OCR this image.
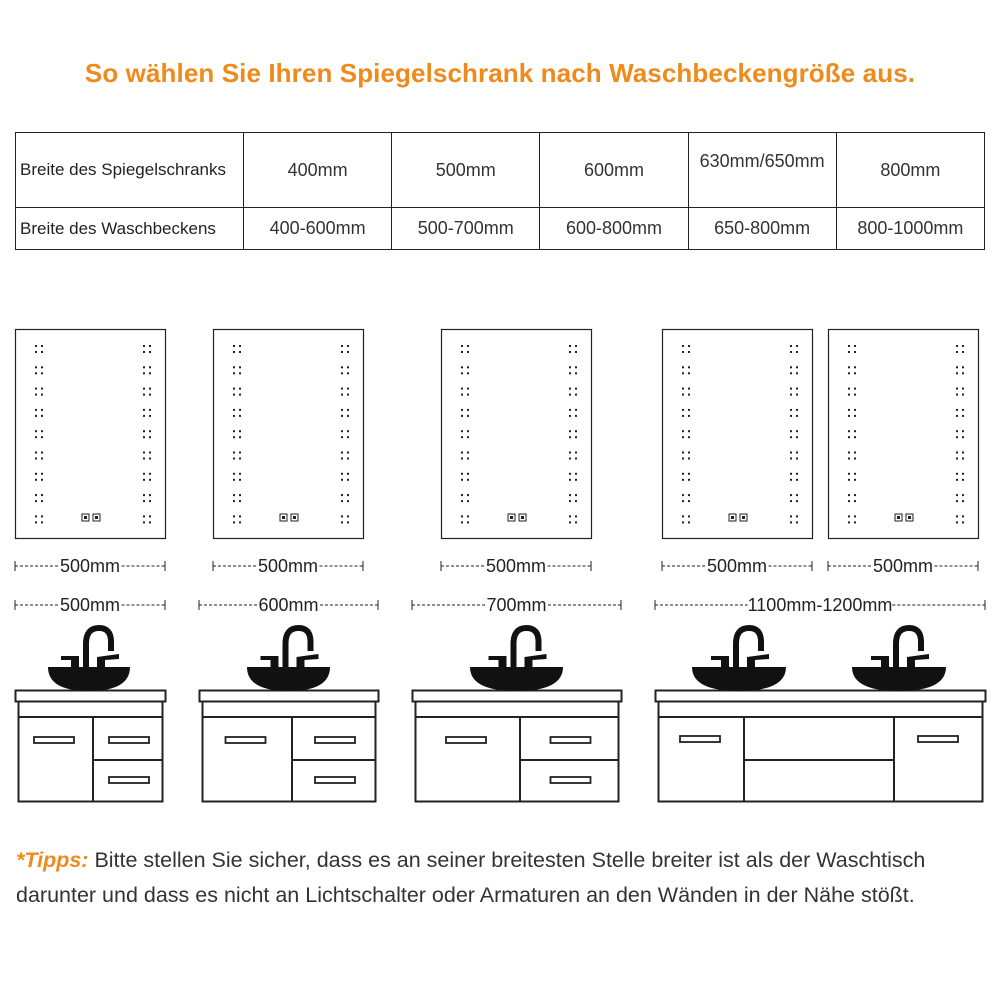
So wählen Sie Ihren Spiegelschrank nach Waschbeckengröße aus.
Breite des Spiegelschranks	400mm	500mm	600mm	630mm/650mm	800mm
Breite des Waschbeckens	400-600mm	500-700mm	600-800mm	650-800mm	800-1000mm
500mm
500mm
500mm
600mm
500mm
700mm
500mm	500mm
1100mm-1200mm
*Tipps: Bitte stellen Sie sicher, dass es an seiner breitesten Stelle breiter ist als der Waschtisch darunter und dass es nicht an Lichtschalter oder Armaturen an den Wänden in der Nähe stößt.
